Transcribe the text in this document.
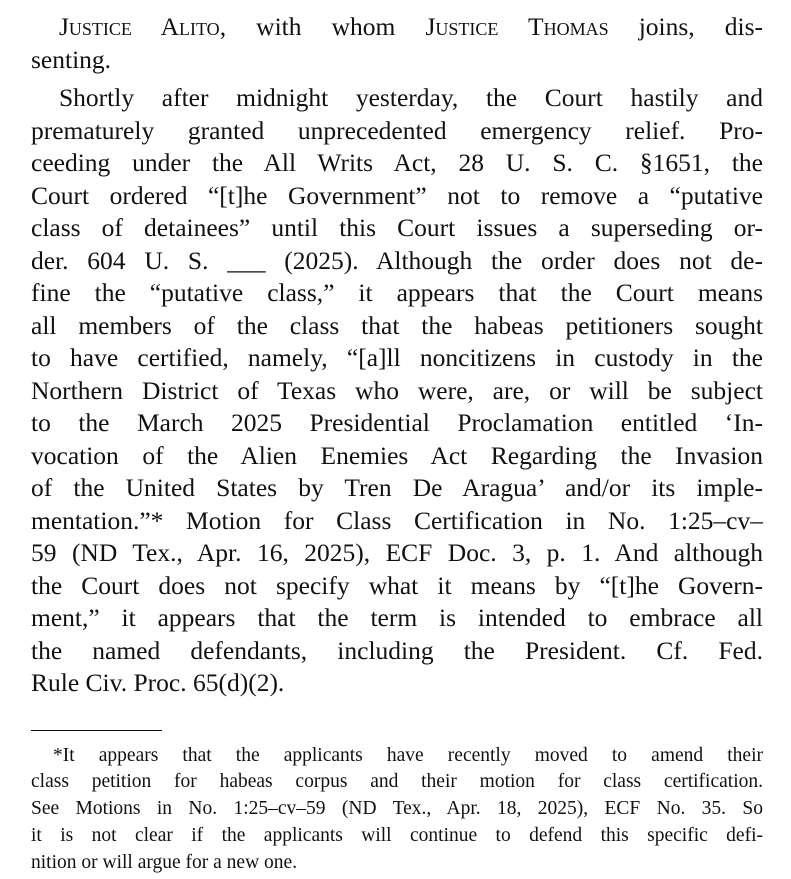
Justice Alito, with whom Justice Thomas joins, dis-
senting.
Shortly after midnight yesterday, the Court hastily and
prematurely granted unprecedented emergency relief. Pro-
ceeding under the All Writs Act, 28 U. S. C. §1651, the
Court ordered “[t]he Government” not to remove a “putative
class of detainees” until this Court issues a superseding or-
der. 604 U. S. ___ (2025). Although the order does not de-
fine the “putative class,” it appears that the Court means
all members of the class that the habeas petitioners sought
to have certified, namely, “[a]ll noncitizens in custody in the
Northern District of Texas who were, are, or will be subject
to the March 2025 Presidential Proclamation entitled ‘In-
vocation of the Alien Enemies Act Regarding the Invasion
of the United States by Tren De Aragua’ and/or its imple-
mentation.”* Motion for Class Certification in No. 1:25–cv–
59 (ND Tex., Apr. 16, 2025), ECF Doc. 3, p. 1. And although
the Court does not specify what it means by “[t]he Govern-
ment,” it appears that the term is intended to embrace all
the named defendants, including the President. Cf. Fed.
Rule Civ. Proc. 65(d)(2).
*It appears that the applicants have recently moved to amend their
class petition for habeas corpus and their motion for class certification.
See Motions in No. 1:25–cv–59 (ND Tex., Apr. 18, 2025), ECF No. 35. So
it is not clear if the applicants will continue to defend this specific defi-
nition or will argue for a new one.
